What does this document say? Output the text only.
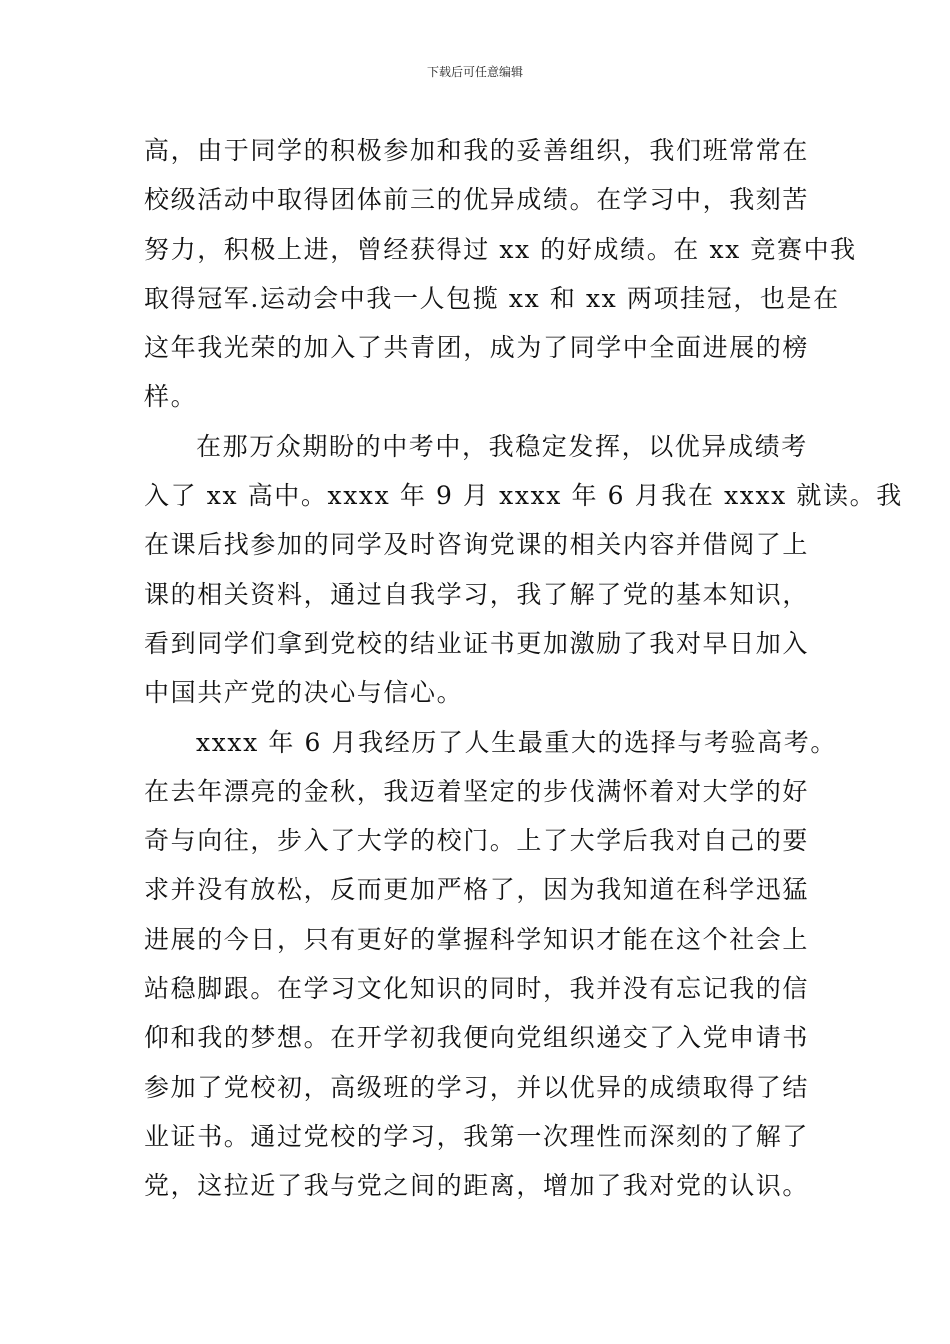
下载后可任意编辑
高，由于同学的积极参加和我的妥善组织，我们班常常在
校级活动中取得团体前三的优异成绩。在学习中，我刻苦
努力，积极上进，曾经获得过 xx 的好成绩。在 xx 竞赛中我
取得冠军.运动会中我一人包揽 xx 和 xx 两项挂冠，也是在
这年我光荣的加入了共青团，成为了同学中全面进展的榜
样。
在那万众期盼的中考中，我稳定发挥，以优异成绩考
入了 xx 高中。xxxx 年 9 月 xxxx 年 6 月我在 xxxx 就读。我
在课后找参加的同学及时咨询党课的相关内容并借阅了上
课的相关资料，通过自我学习，我了解了党的基本知识，
看到同学们拿到党校的结业证书更加激励了我对早日加入
中国共产党的决心与信心。
xxxx 年 6 月我经历了人生最重大的选择与考验高考。
在去年漂亮的金秋，我迈着坚定的步伐满怀着对大学的好
奇与向往，步入了大学的校门。上了大学后我对自己的要
求并没有放松，反而更加严格了，因为我知道在科学迅猛
进展的今日，只有更好的掌握科学知识才能在这个社会上
站稳脚跟。在学习文化知识的同时，我并没有忘记我的信
仰和我的梦想。在开学初我便向党组织递交了入党申请书
参加了党校初，高级班的学习，并以优异的成绩取得了结
业证书。通过党校的学习，我第一次理性而深刻的了解了
党，这拉近了我与党之间的距离，增加了我对党的认识。
